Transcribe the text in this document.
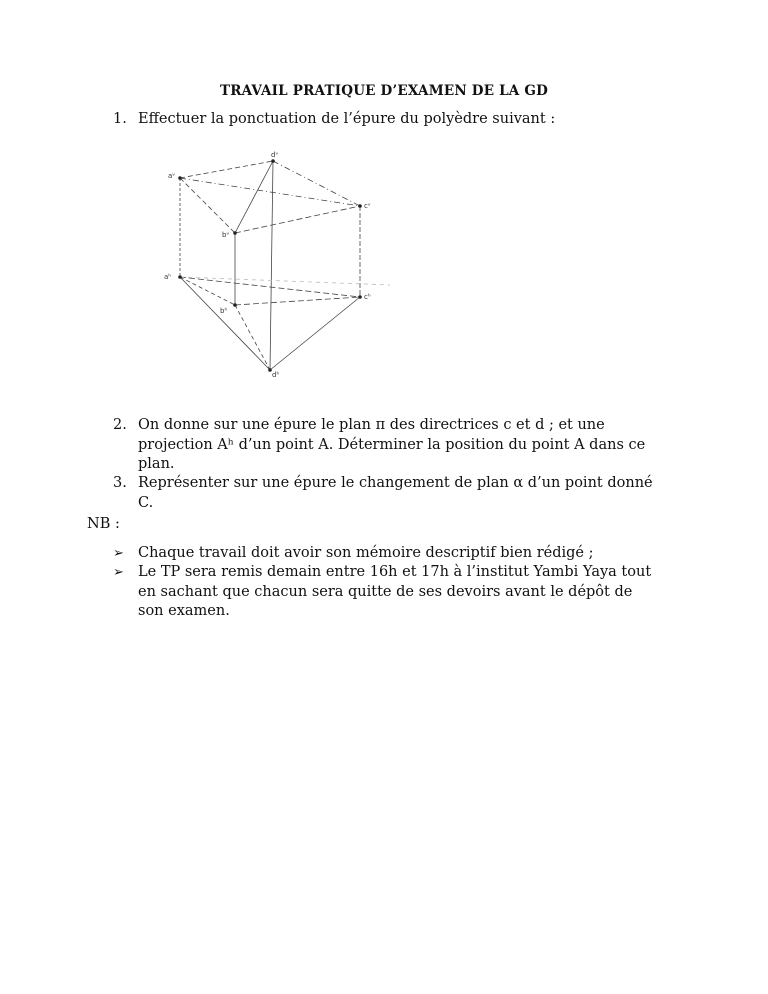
TRAVAIL PRATIQUE D’EXAMEN DE LA GD
1. Effectuer la ponctuation de l’épure du polyèdre suivant :
aᵛ
dᵛ
cᵛ
bᵛ
aʰ
bʰ
cʰ
dʰ
2. On donne sur une épure le plan π des directrices c et d ; et une
projection Aʰ d’un point A. Déterminer la position du point A dans ce
plan.
3. Représenter sur une épure le changement de plan α d’un point donné
C.
NB :
➢ Chaque travail doit avoir son mémoire descriptif bien rédigé ;
➢ Le TP sera remis demain entre 16h et 17h à l’institut Yambi Yaya tout
en sachant que chacun sera quitte de ses devoirs avant le dépôt de
son examen.
